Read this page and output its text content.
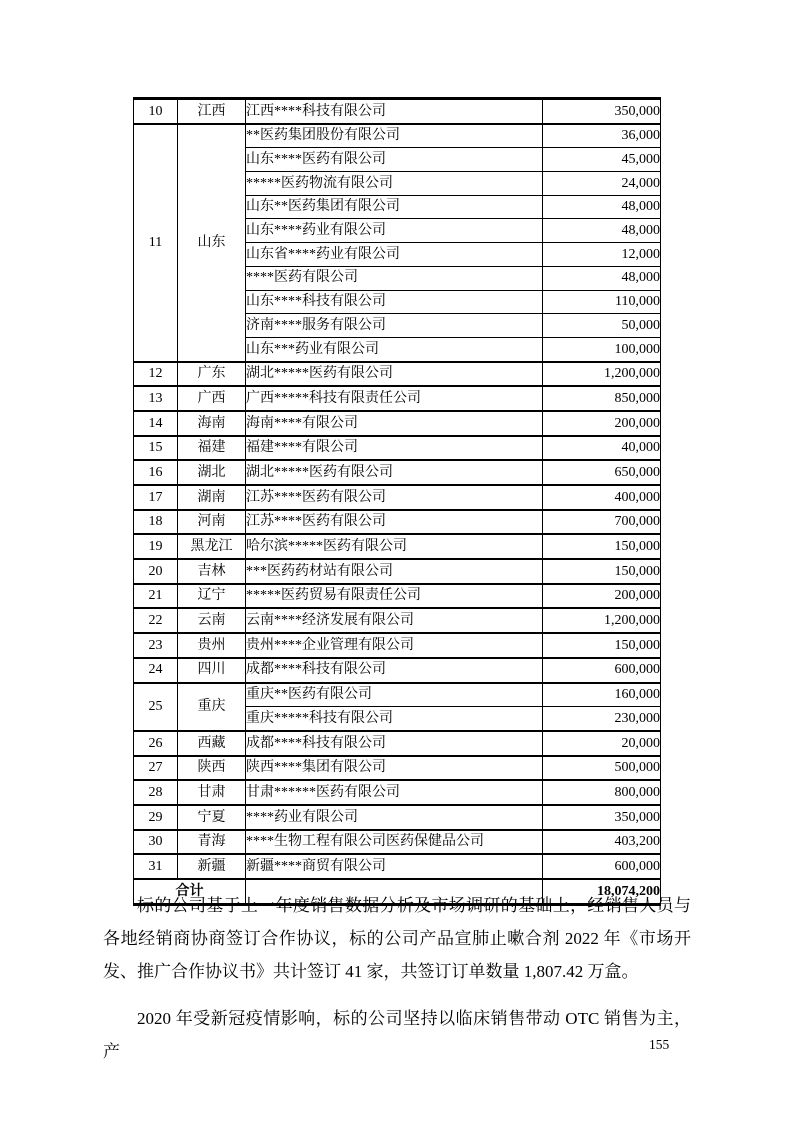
10	江西	江西****科技有限公司	350,000
11	山东	**医药集团股份有限公司	36,000
		山东****医药有限公司	45,000
		*****医药物流有限公司	24,000
		山东**医药集团有限公司	48,000
		山东****药业有限公司	48,000
		山东省****药业有限公司	12,000
		****医药有限公司	48,000
		山东****科技有限公司	110,000
		济南****服务有限公司	50,000
		山东***药业有限公司	100,000
12	广东	湖北*****医药有限公司	1,200,000
13	广西	广西*****科技有限责任公司	850,000
14	海南	海南****有限公司	200,000
15	福建	福建****有限公司	40,000
16	湖北	湖北*****医药有限公司	650,000
17	湖南	江苏****医药有限公司	400,000
18	河南	江苏****医药有限公司	700,000
19	黑龙江	哈尔滨*****医药有限公司	150,000
20	吉林	***医药药材站有限公司	150,000
21	辽宁	*****医药贸易有限责任公司	200,000
22	云南	云南****经济发展有限公司	1,200,000
23	贵州	贵州****企业管理有限公司	150,000
24	四川	成都****科技有限公司	600,000
25	重庆	重庆**医药有限公司	160,000
		重庆*****科技有限公司	230,000
26	西藏	成都****科技有限公司	20,000
27	陕西	陕西****集团有限公司	500,000
28	甘肃	甘肃******医药有限公司	800,000
29	宁夏	****药业有限公司	350,000
30	青海	****生物工程有限公司医药保健品公司	403,200
31	新疆	新疆****商贸有限公司	600,000
合计			18,074,200

标的公司基于上一年度销售数据分析及市场调研的基础上，经销售人员与各地经销商协商签订合作协议，标的公司产品宣肺止嗽合剂 2022 年《市场开发、推广合作协议书》共计签订 41 家，共签订订单数量 1,807.42 万盒。

2020 年受新冠疫情影响，标的公司坚持以临床销售带动 OTC 销售为主，产	155
